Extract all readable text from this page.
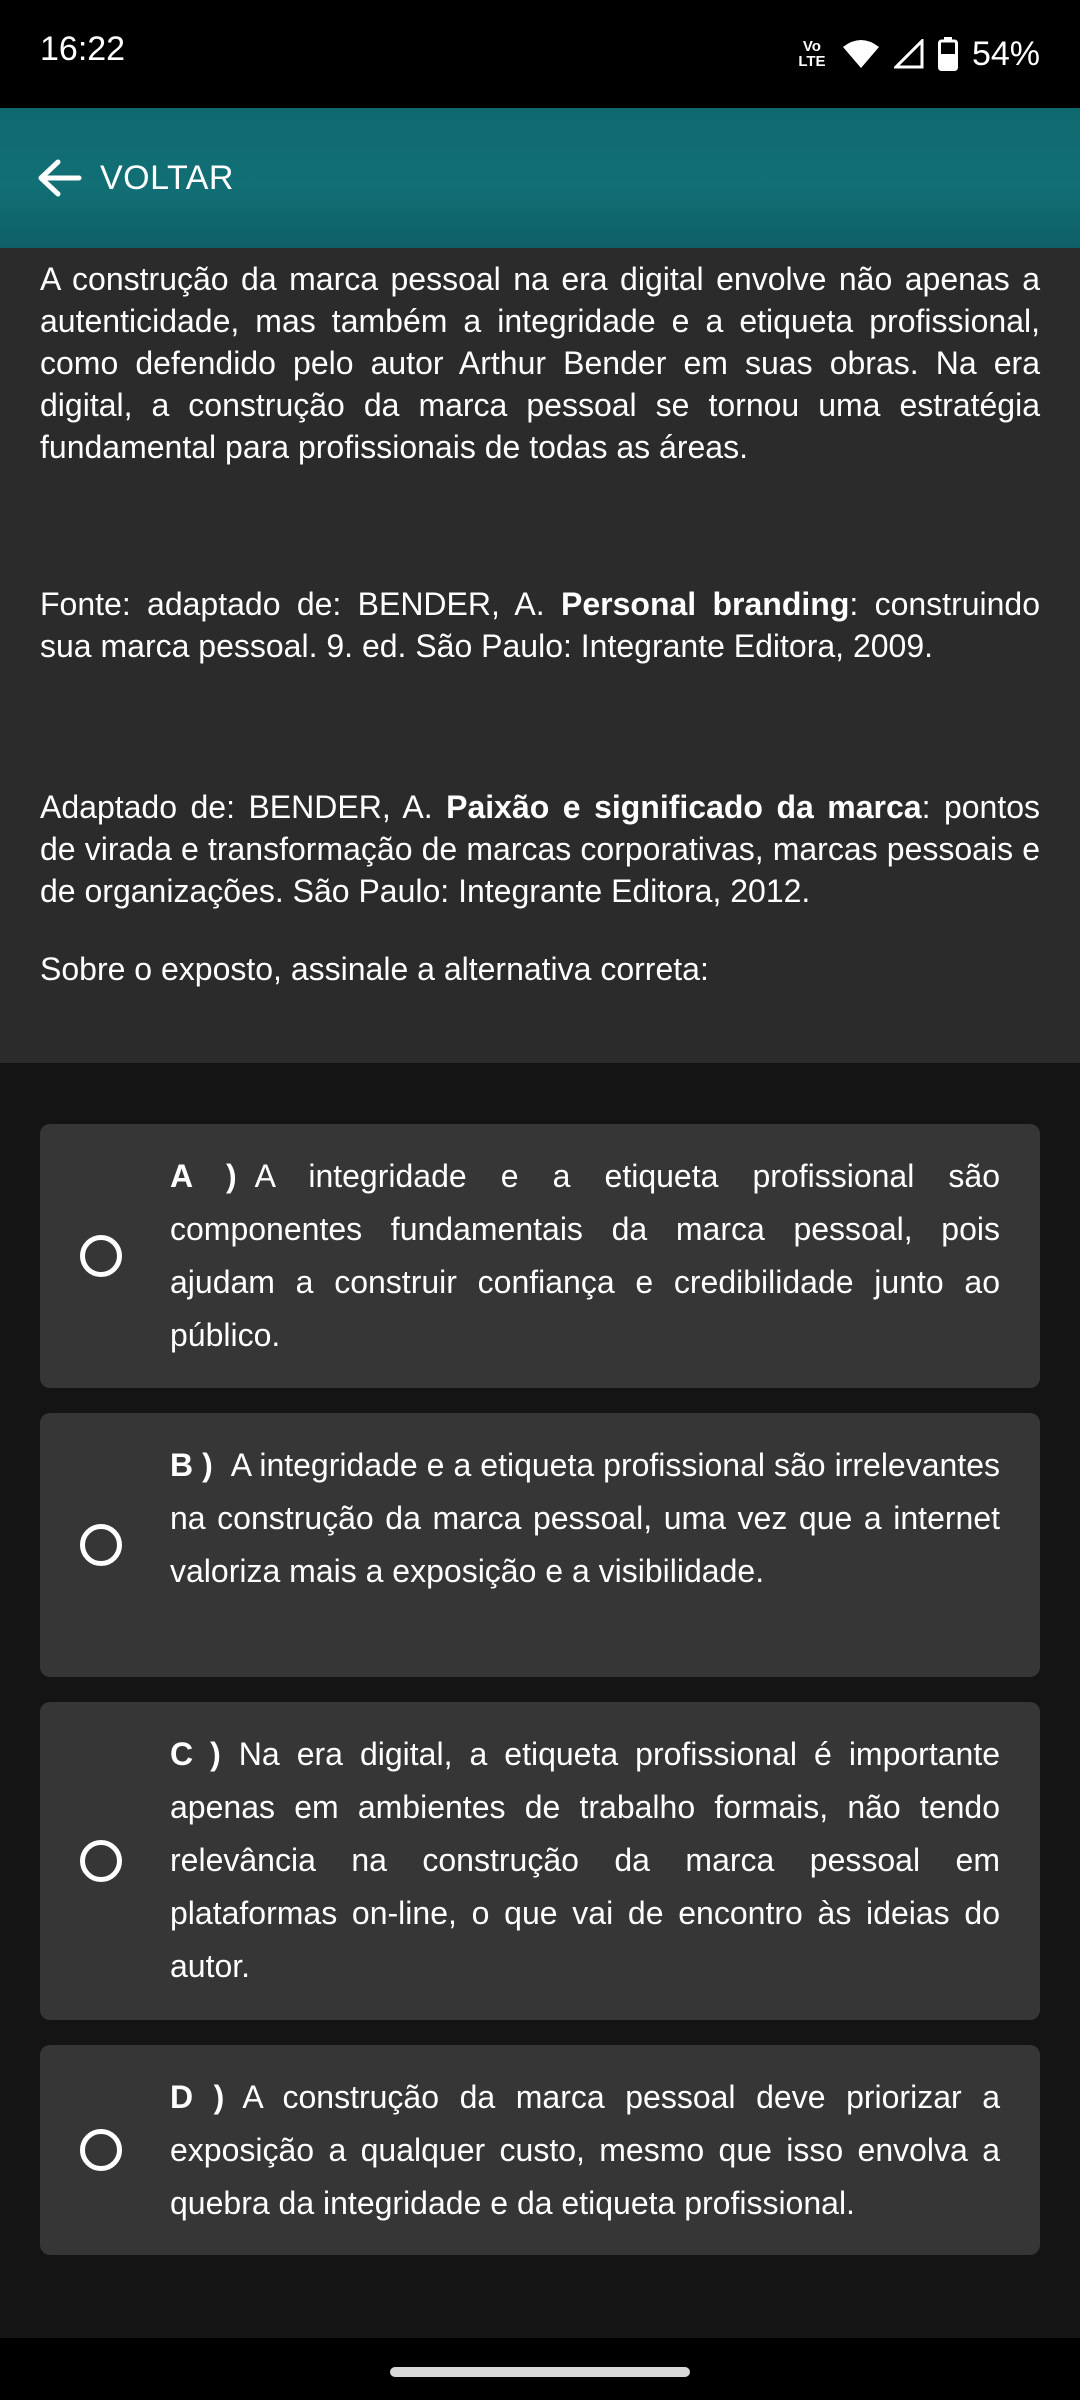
16:22	Vo LTE	54%
VOLTAR

A construção da marca pessoal na era digital envolve não apenas a autenticidade, mas também a integridade e a etiqueta profissional, como defendido pelo autor Arthur Bender em suas obras. Na era digital, a construção da marca pessoal se tornou uma estratégia fundamental para profissionais de todas as áreas.

Fonte: adaptado de: BENDER, A. Personal branding: construindo sua marca pessoal. 9. ed. São Paulo: Integrante Editora, 2009.

Adaptado de: BENDER, A. Paixão e significado da marca: pontos de virada e transformação de marcas corporativas, marcas pessoais e de organizações. São Paulo: Integrante Editora, 2012.

Sobre o exposto, assinale a alternativa correta:

A ) A integridade e a etiqueta profissional são componentes fundamentais da marca pessoal, pois ajudam a construir confiança e credibilidade junto ao público.

B ) A integridade e a etiqueta profissional são irrelevantes na construção da marca pessoal, uma vez que a internet valoriza mais a exposição e a visibilidade.

C ) Na era digital, a etiqueta profissional é importante apenas em ambientes de trabalho formais, não tendo relevância na construção da marca pessoal em plataformas on-line, o que vai de encontro às ideias do autor.

D ) A construção da marca pessoal deve priorizar a exposição a qualquer custo, mesmo que isso envolva a quebra da integridade e da etiqueta profissional.
